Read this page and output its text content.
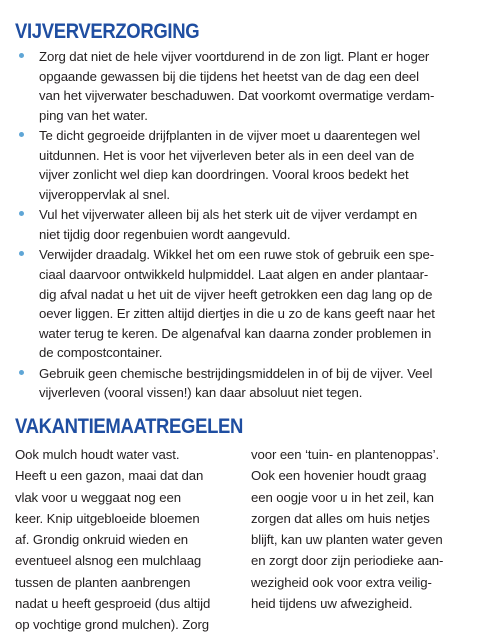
VIJVERVERZORGING
Zorg dat niet de hele vijver voortdurend in de zon ligt. Plant er hoger
opgaande gewassen bij die tijdens het heetst van de dag een deel
van het vijverwater beschaduwen. Dat voorkomt overmatige verdam-
ping van het water.
Te dicht gegroeide drijfplanten in de vijver moet u daarentegen wel
uitdunnen. Het is voor het vijverleven beter als in een deel van de
vijver zonlicht wel diep kan doordringen. Vooral kroos bedekt het
vijveroppervlak al snel.
Vul het vijverwater alleen bij als het sterk uit de vijver verdampt en
niet tijdig door regenbuien wordt aangevuld.
Verwijder draadalg. Wikkel het om een ruwe stok of gebruik een spe-
ciaal daarvoor ontwikkeld hulpmiddel. Laat algen en ander plantaar-
dig afval nadat u het uit de vijver heeft getrokken een dag lang op de
oever liggen. Er zitten altijd diertjes in die u zo de kans geeft naar het
water terug te keren. De algenafval kan daarna zonder problemen in
de compostcontainer.
Gebruik geen chemische bestrijdingsmiddelen in of bij de vijver. Veel
vijverleven (vooral vissen!) kan daar absoluut niet tegen.
VAKANTIEMAATREGELEN
Ook mulch houdt water vast.
Heeft u een gazon, maai dat dan
vlak voor u weggaat nog een
keer. Knip uitgebloeide bloemen
af. Grondig onkruid wieden en
eventueel alsnog een mulchlaag
tussen de planten aanbrengen
nadat u heeft gesproeid (dus altijd
op vochtige grond mulchen). Zorg
voor een ‘tuin- en plantenoppas’.
Ook een hovenier houdt graag
een oogje voor u in het zeil, kan
zorgen dat alles om huis netjes
blijft, kan uw planten water geven
en zorgt door zijn periodieke aan-
wezigheid ook voor extra veilig-
heid tijdens uw afwezigheid.
